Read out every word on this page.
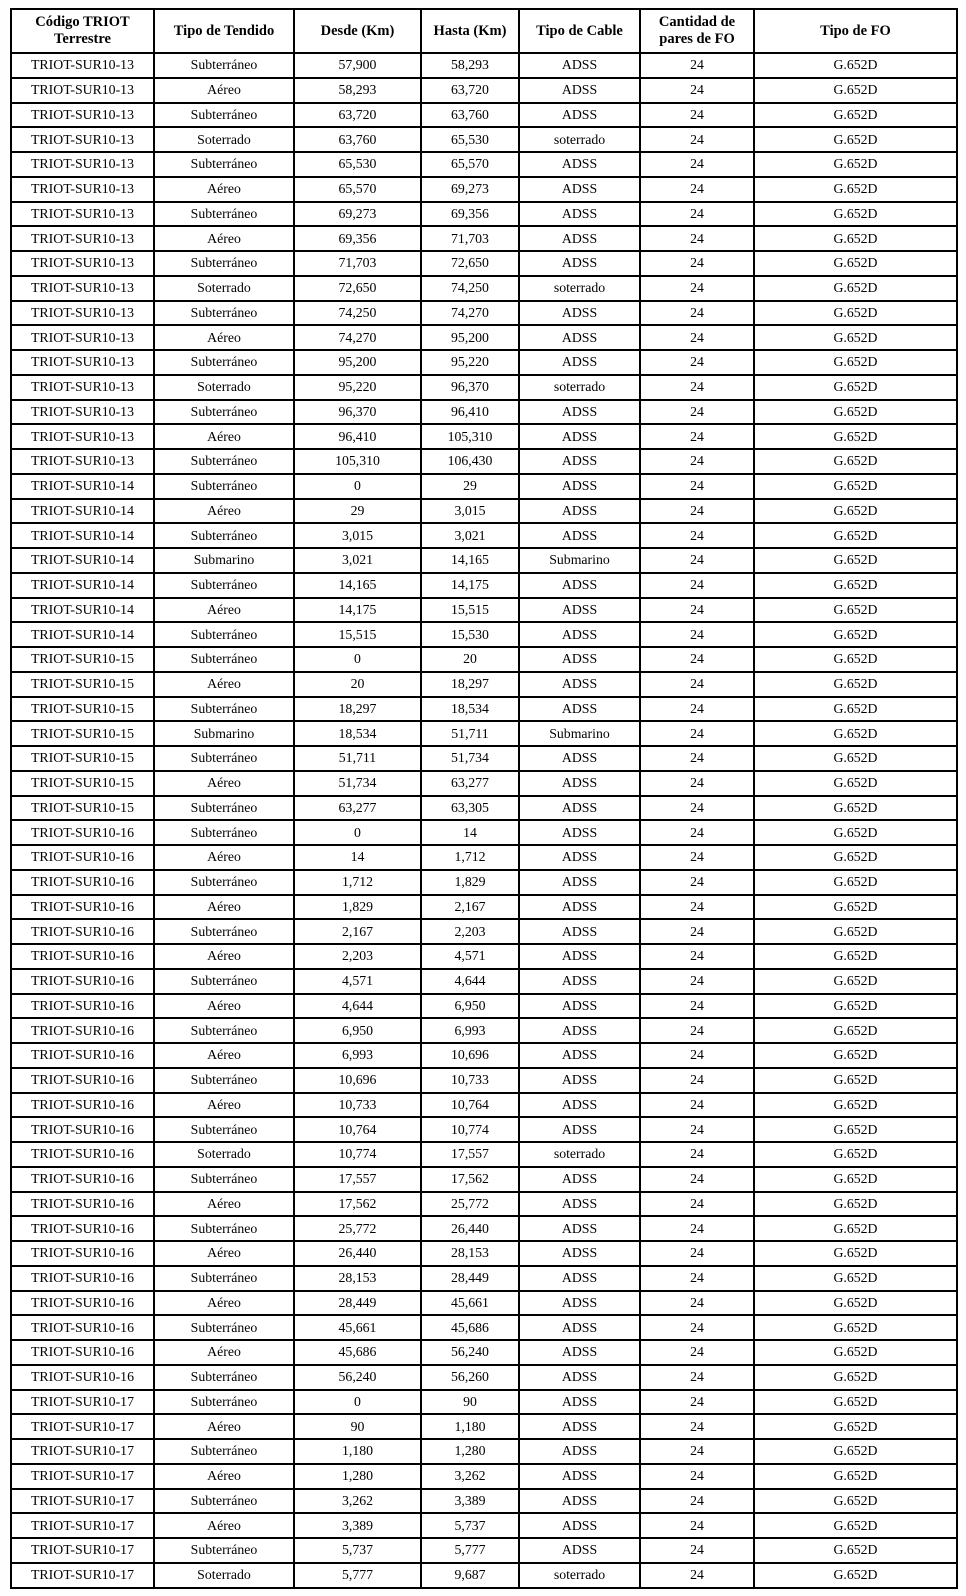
Código TRIOT Terrestre	Tipo de Tendido	Desde (Km)	Hasta (Km)	Tipo de Cable	Cantidad de pares de FO	Tipo de FO
TRIOT-SUR10-13	Subterráneo	57,900	58,293	ADSS	24	G.652D
TRIOT-SUR10-13	Aéreo	58,293	63,720	ADSS	24	G.652D
TRIOT-SUR10-13	Subterráneo	63,720	63,760	ADSS	24	G.652D
TRIOT-SUR10-13	Soterrado	63,760	65,530	soterrado	24	G.652D
TRIOT-SUR10-13	Subterráneo	65,530	65,570	ADSS	24	G.652D
TRIOT-SUR10-13	Aéreo	65,570	69,273	ADSS	24	G.652D
TRIOT-SUR10-13	Subterráneo	69,273	69,356	ADSS	24	G.652D
TRIOT-SUR10-13	Aéreo	69,356	71,703	ADSS	24	G.652D
TRIOT-SUR10-13	Subterráneo	71,703	72,650	ADSS	24	G.652D
TRIOT-SUR10-13	Soterrado	72,650	74,250	soterrado	24	G.652D
TRIOT-SUR10-13	Subterráneo	74,250	74,270	ADSS	24	G.652D
TRIOT-SUR10-13	Aéreo	74,270	95,200	ADSS	24	G.652D
TRIOT-SUR10-13	Subterráneo	95,200	95,220	ADSS	24	G.652D
TRIOT-SUR10-13	Soterrado	95,220	96,370	soterrado	24	G.652D
TRIOT-SUR10-13	Subterráneo	96,370	96,410	ADSS	24	G.652D
TRIOT-SUR10-13	Aéreo	96,410	105,310	ADSS	24	G.652D
TRIOT-SUR10-13	Subterráneo	105,310	106,430	ADSS	24	G.652D
TRIOT-SUR10-14	Subterráneo	0	29	ADSS	24	G.652D
TRIOT-SUR10-14	Aéreo	29	3,015	ADSS	24	G.652D
TRIOT-SUR10-14	Subterráneo	3,015	3,021	ADSS	24	G.652D
TRIOT-SUR10-14	Submarino	3,021	14,165	Submarino	24	G.652D
TRIOT-SUR10-14	Subterráneo	14,165	14,175	ADSS	24	G.652D
TRIOT-SUR10-14	Aéreo	14,175	15,515	ADSS	24	G.652D
TRIOT-SUR10-14	Subterráneo	15,515	15,530	ADSS	24	G.652D
TRIOT-SUR10-15	Subterráneo	0	20	ADSS	24	G.652D
TRIOT-SUR10-15	Aéreo	20	18,297	ADSS	24	G.652D
TRIOT-SUR10-15	Subterráneo	18,297	18,534	ADSS	24	G.652D
TRIOT-SUR10-15	Submarino	18,534	51,711	Submarino	24	G.652D
TRIOT-SUR10-15	Subterráneo	51,711	51,734	ADSS	24	G.652D
TRIOT-SUR10-15	Aéreo	51,734	63,277	ADSS	24	G.652D
TRIOT-SUR10-15	Subterráneo	63,277	63,305	ADSS	24	G.652D
TRIOT-SUR10-16	Subterráneo	0	14	ADSS	24	G.652D
TRIOT-SUR10-16	Aéreo	14	1,712	ADSS	24	G.652D
TRIOT-SUR10-16	Subterráneo	1,712	1,829	ADSS	24	G.652D
TRIOT-SUR10-16	Aéreo	1,829	2,167	ADSS	24	G.652D
TRIOT-SUR10-16	Subterráneo	2,167	2,203	ADSS	24	G.652D
TRIOT-SUR10-16	Aéreo	2,203	4,571	ADSS	24	G.652D
TRIOT-SUR10-16	Subterráneo	4,571	4,644	ADSS	24	G.652D
TRIOT-SUR10-16	Aéreo	4,644	6,950	ADSS	24	G.652D
TRIOT-SUR10-16	Subterráneo	6,950	6,993	ADSS	24	G.652D
TRIOT-SUR10-16	Aéreo	6,993	10,696	ADSS	24	G.652D
TRIOT-SUR10-16	Subterráneo	10,696	10,733	ADSS	24	G.652D
TRIOT-SUR10-16	Aéreo	10,733	10,764	ADSS	24	G.652D
TRIOT-SUR10-16	Subterráneo	10,764	10,774	ADSS	24	G.652D
TRIOT-SUR10-16	Soterrado	10,774	17,557	soterrado	24	G.652D
TRIOT-SUR10-16	Subterráneo	17,557	17,562	ADSS	24	G.652D
TRIOT-SUR10-16	Aéreo	17,562	25,772	ADSS	24	G.652D
TRIOT-SUR10-16	Subterráneo	25,772	26,440	ADSS	24	G.652D
TRIOT-SUR10-16	Aéreo	26,440	28,153	ADSS	24	G.652D
TRIOT-SUR10-16	Subterráneo	28,153	28,449	ADSS	24	G.652D
TRIOT-SUR10-16	Aéreo	28,449	45,661	ADSS	24	G.652D
TRIOT-SUR10-16	Subterráneo	45,661	45,686	ADSS	24	G.652D
TRIOT-SUR10-16	Aéreo	45,686	56,240	ADSS	24	G.652D
TRIOT-SUR10-16	Subterráneo	56,240	56,260	ADSS	24	G.652D
TRIOT-SUR10-17	Subterráneo	0	90	ADSS	24	G.652D
TRIOT-SUR10-17	Aéreo	90	1,180	ADSS	24	G.652D
TRIOT-SUR10-17	Subterráneo	1,180	1,280	ADSS	24	G.652D
TRIOT-SUR10-17	Aéreo	1,280	3,262	ADSS	24	G.652D
TRIOT-SUR10-17	Subterráneo	3,262	3,389	ADSS	24	G.652D
TRIOT-SUR10-17	Aéreo	3,389	5,737	ADSS	24	G.652D
TRIOT-SUR10-17	Subterráneo	5,737	5,777	ADSS	24	G.652D
TRIOT-SUR10-17	Soterrado	5,777	9,687	soterrado	24	G.652D
